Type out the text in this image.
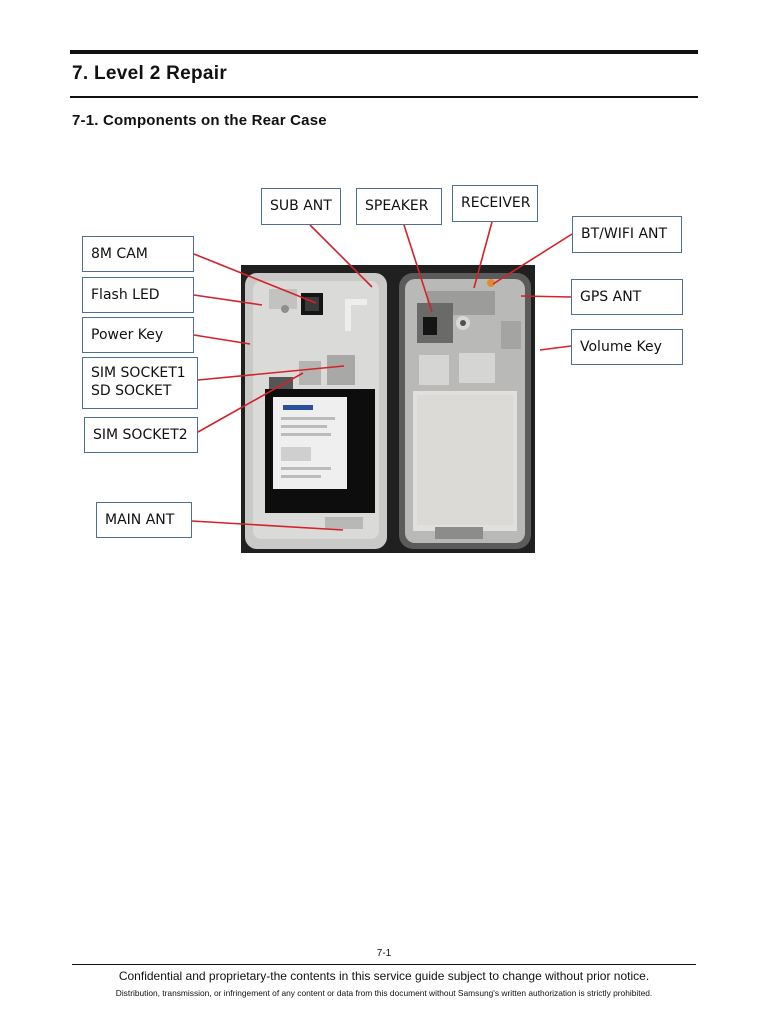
7. Level 2 Repair
7-1. Components on the Rear Case
SUB ANT	SPEAKER	RECEIVER
BT/WIFI ANT
8M CAM
Flash LED
Power Key
SIM SOCKET1
SD SOCKET
SIM SOCKET2
GPS ANT
Volume Key
MAIN ANT
7-1
Confidential and proprietary-the contents in this service guide subject to change without prior notice.
Distribution, transmission, or infringement of any content or data from this document without Samsung's written authorization is strictly prohibited.
